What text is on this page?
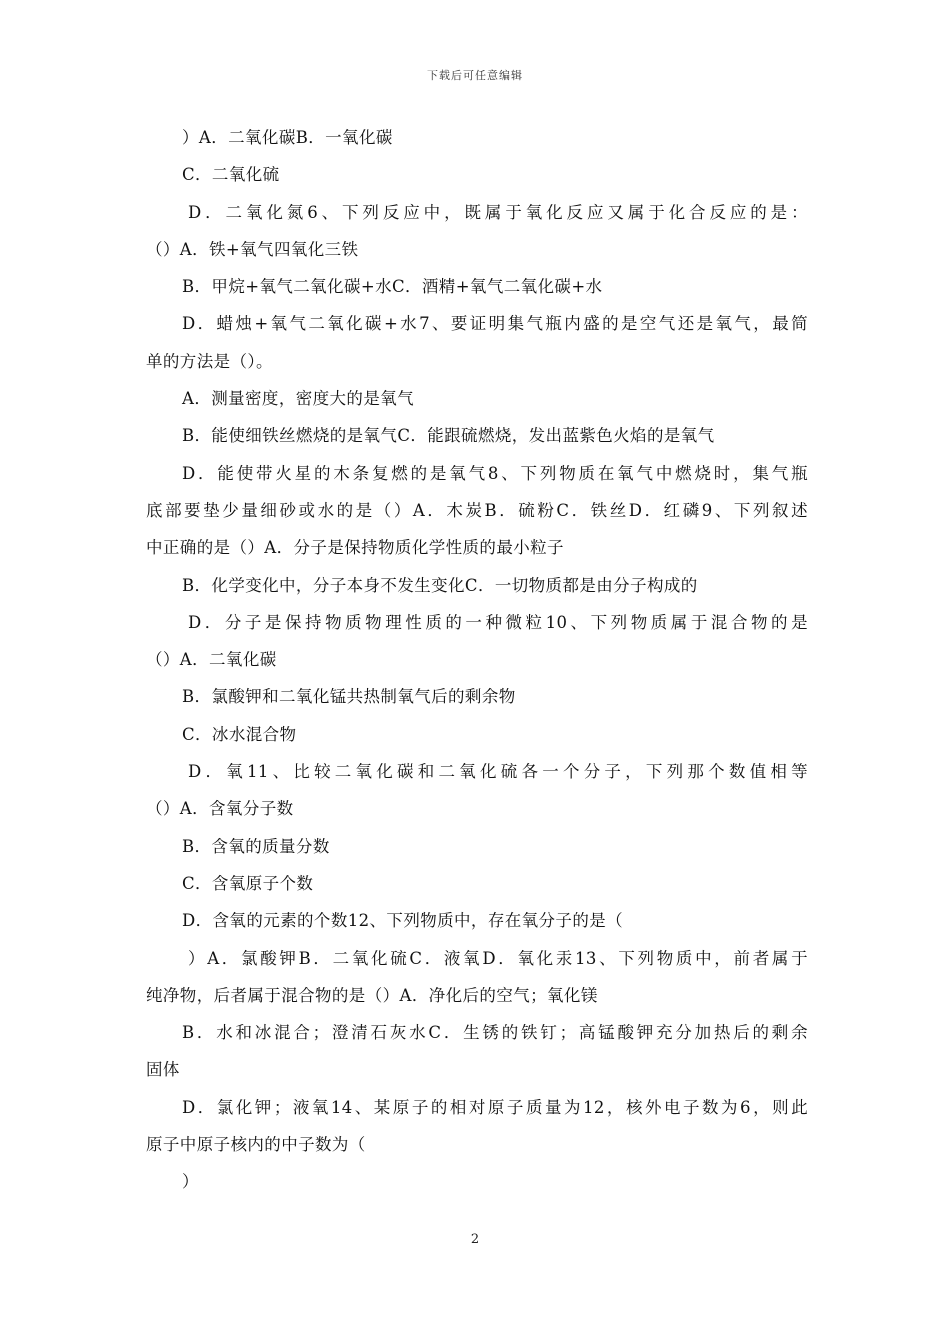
下载后可任意编辑
）A．二氧化碳B．一氧化碳
C．二氧化硫
D．二氧化氮6、下列反应中，既属于氧化反应又属于化合反应的是：
（）A．铁+氧气四氧化三铁
B．甲烷+氧气二氧化碳+水C．酒精+氧气二氧化碳+水
D．蜡烛+氧气二氧化碳+水7、要证明集气瓶内盛的是空气还是氧气，最简
单的方法是（）。
A．测量密度，密度大的是氧气
B．能使细铁丝燃烧的是氧气C．能跟硫燃烧，发出蓝紫色火焰的是氧气
D．能使带火星的木条复燃的是氧气8、下列物质在氧气中燃烧时，集气瓶
底部要垫少量细砂或水的是（）A．木炭B．硫粉C．铁丝D．红磷9、下列叙述
中正确的是（）A．分子是保持物质化学性质的最小粒子
B．化学变化中，分子本身不发生变化C．一切物质都是由分子构成的
D．分子是保持物质物理性质的一种微粒10、下列物质属于混合物的是
（）A．二氧化碳
B．氯酸钾和二氧化锰共热制氧气后的剩余物
C．冰水混合物
D．氧11、比较二氧化碳和二氧化硫各一个分子，下列那个数值相等
（）A．含氧分子数
B．含氧的质量分数
C．含氧原子个数
D．含氧的元素的个数12、下列物质中，存在氧分子的是（
）A．氯酸钾B．二氧化硫C．液氧D．氧化汞13、下列物质中，前者属于
纯净物，后者属于混合物的是（）A．净化后的空气；氧化镁
B．水和冰混合；澄清石灰水C．生锈的铁钉；高锰酸钾充分加热后的剩余
固体
D．氯化钾；液氧14、某原子的相对原子质量为12，核外电子数为6，则此
原子中原子核内的中子数为（
）
2
